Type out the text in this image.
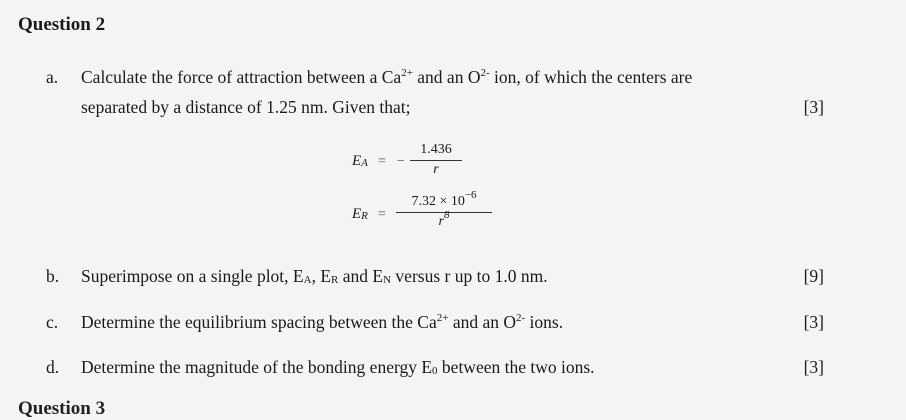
Question 2
a. Calculate the force of attraction between a $Ca^{2+}$ and an $O^{2-}$ ion, of which the centers are
separated by a distance of 1.25 nm. Given that;	[3]
$E_A$ = −
1.436
r
$E_R$ =
$7.32 \times 10^{-6}$
$r^8$
b. Superimpose on a single plot, $E_A$, $E_R$ and $E_N$ versus r up to 1.0 nm.	[9]
c. Determine the equilibrium spacing between the $Ca^{2+}$ and an $O^{2-}$ ions.	[3]
d. Determine the magnitude of the bonding energy $E_0$ between the two ions.	[3]
Question 3
